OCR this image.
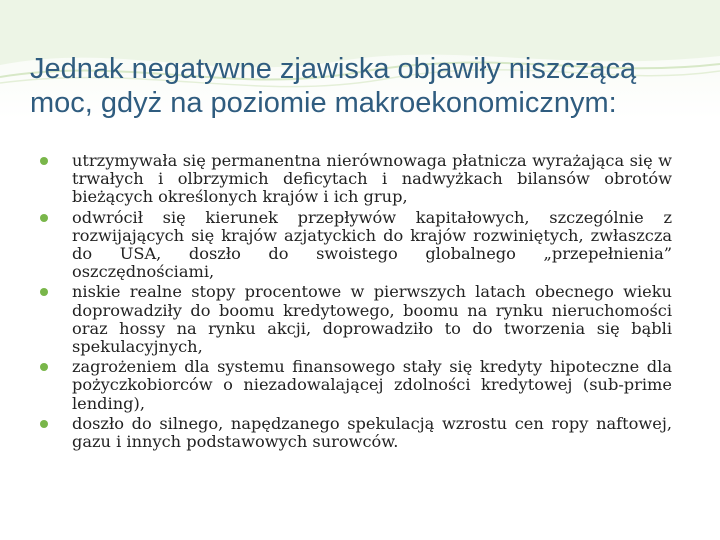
Jednak negatywne zjawiska objawiły niszczącą moc, gdyż na poziomie makroekonomicznym:
utrzymywała się permanentna nierównowaga płatnicza wyrażająca się w trwałych i olbrzymich deficytach i nadwyżkach bilansów obrotów bieżących określonych krajów i ich grup,
odwrócił się kierunek przepływów kapitałowych, szczególnie z rozwijających się krajów azjatyckich do krajów rozwiniętych, zwłaszcza do USA, doszło do swoistego globalnego „przepełnienia” oszczędnościami,
niskie realne stopy procentowe w pierwszych latach obecnego wieku doprowadziły do boomu kredytowego, boomu na rynku nieruchomości oraz hossy na rynku akcji, doprowadziło to do tworzenia się bąbli spekulacyjnych,
zagrożeniem dla systemu finansowego stały się kredyty hipoteczne dla pożyczkobiorców o niezadowalającej zdolności kredytowej (sub-prime lending),
doszło do silnego, napędzanego spekulacją wzrostu cen ropy naftowej, gazu i innych podstawowych surowców.
